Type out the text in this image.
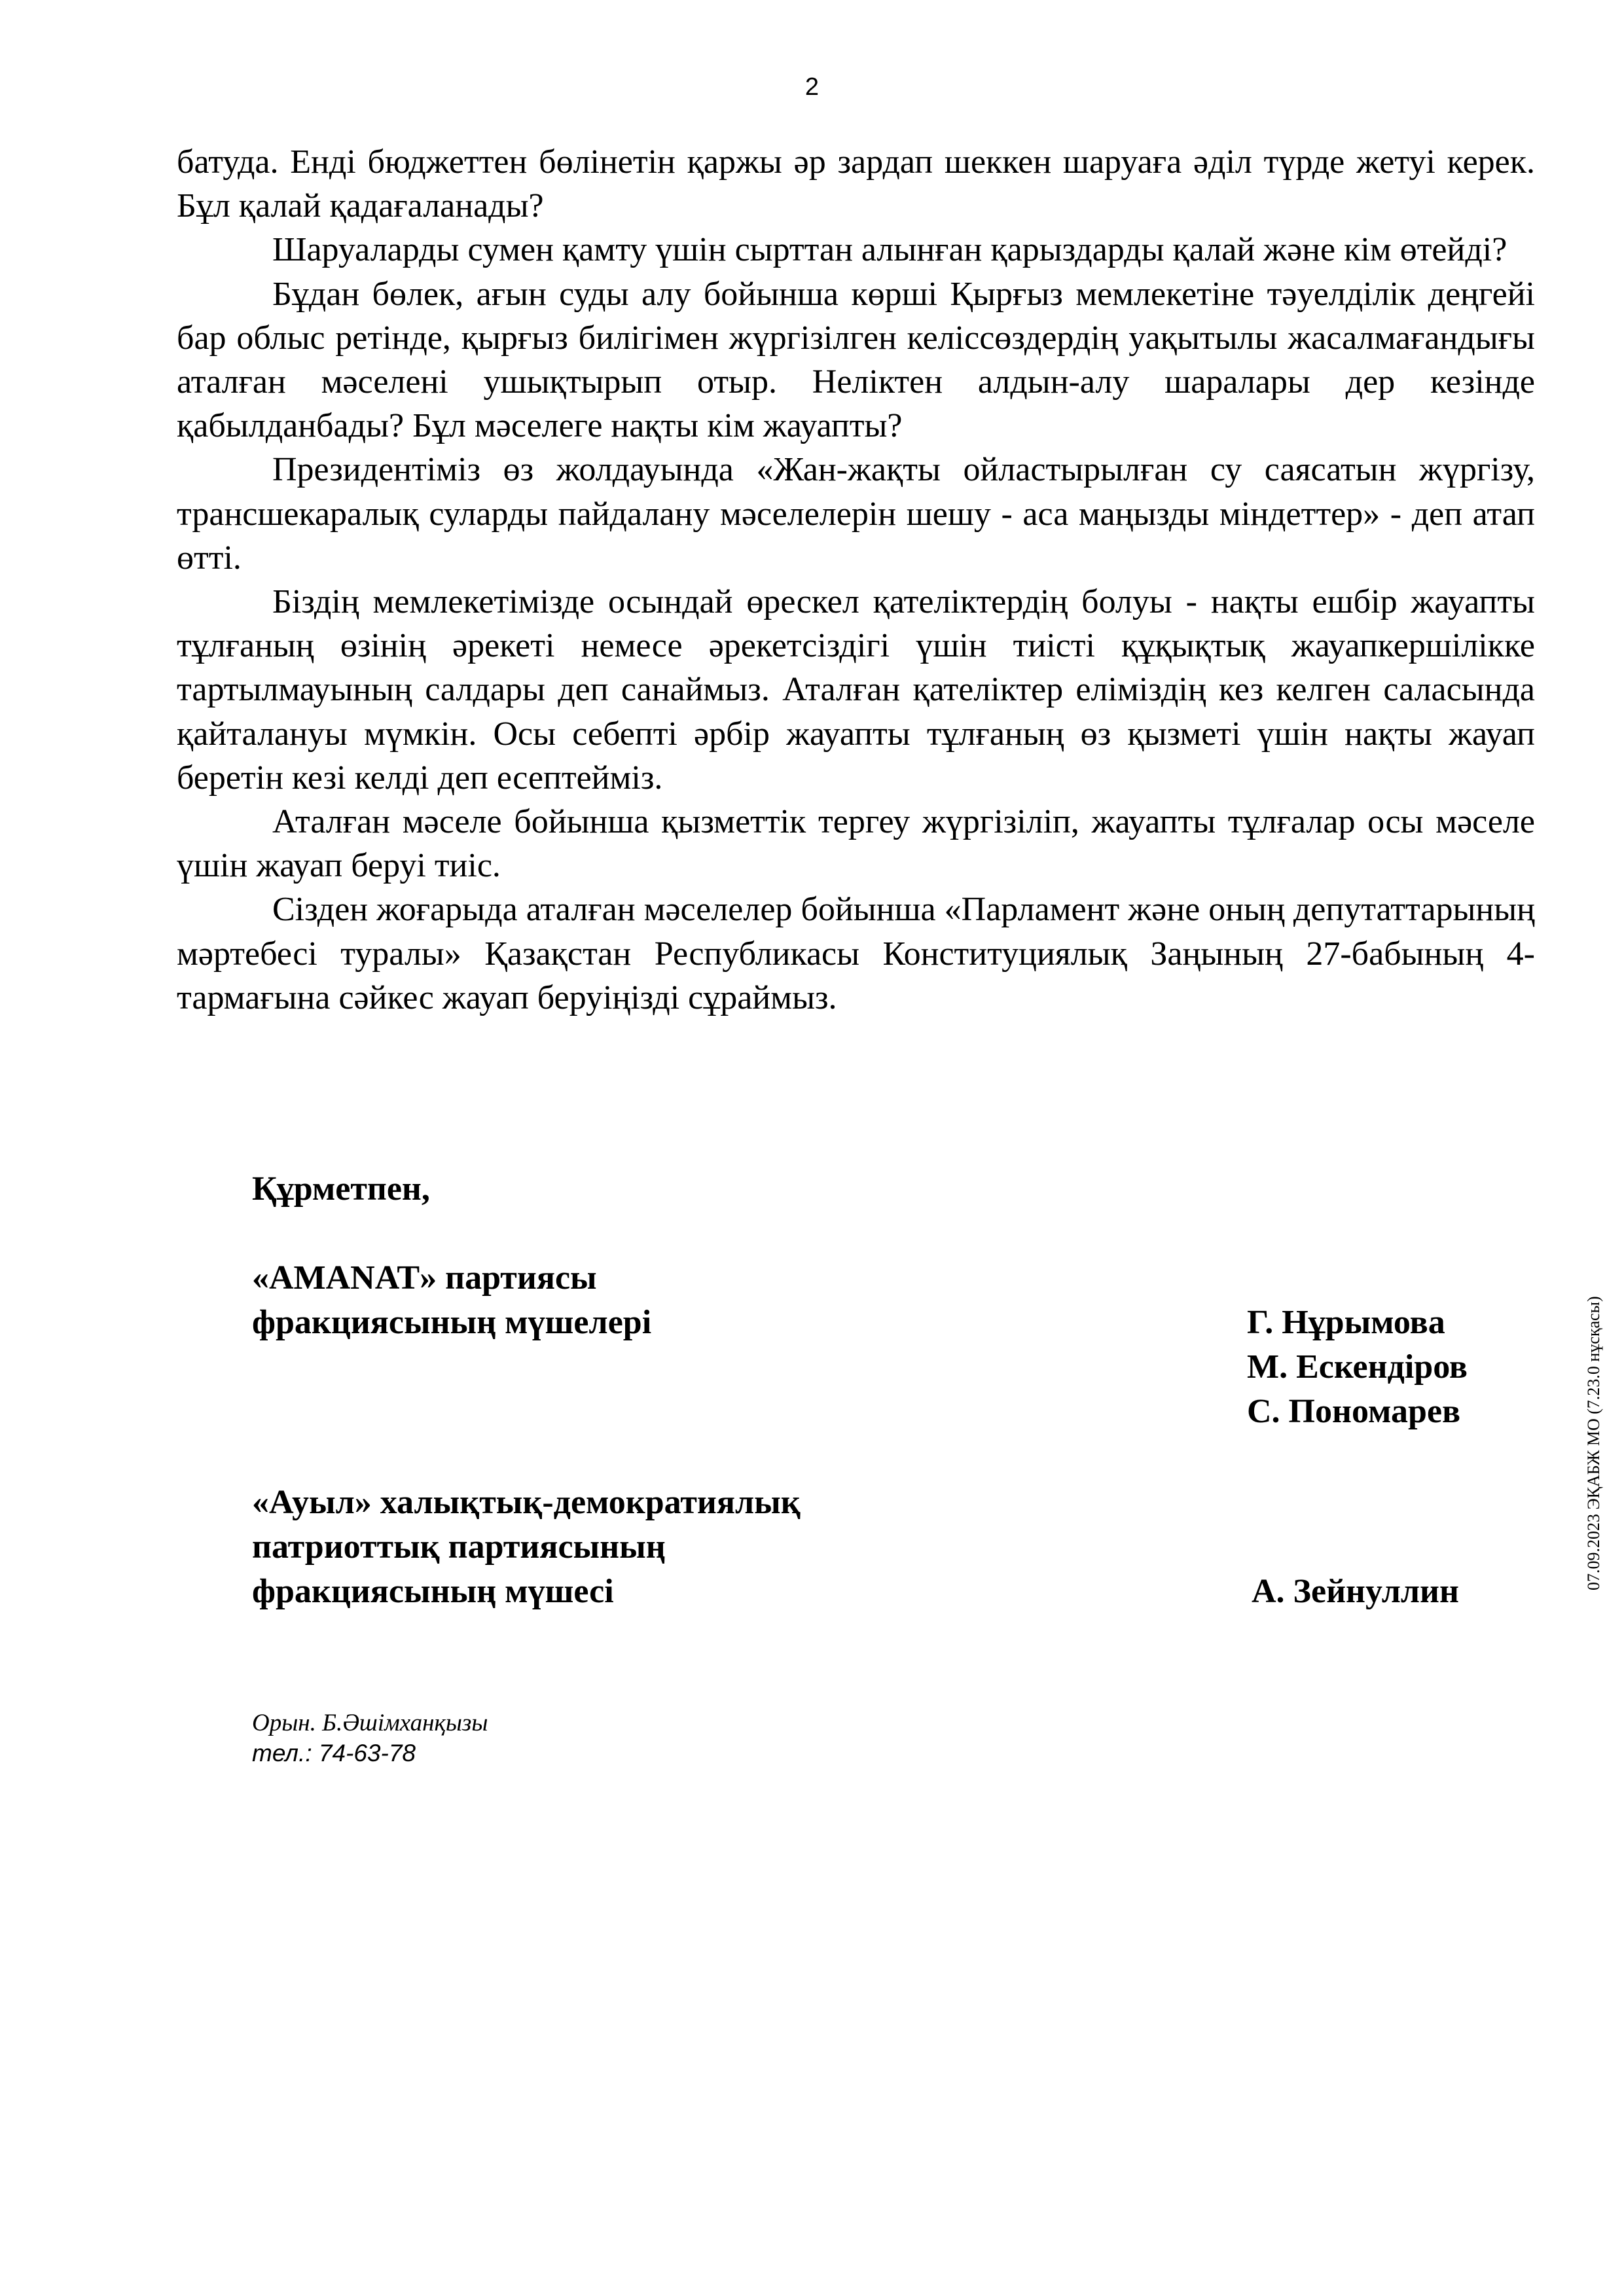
2

батуда. Енді бюджеттен бөлінетін қаржы әр зардап шеккен шаруаға әділ түрде жетуі керек. Бұл қалай қадағаланады?

Шаруаларды сумен қамту үшін сырттан алынған қарыздарды қалай және кім өтейді?

Бұдан бөлек, ағын суды алу бойынша көрші Қырғыз мемлекетіне тәуелділік деңгейі бар облыс ретінде, қырғыз билігімен жүргізілген келіссөздердің уақытылы жасалмағандығы аталған мәселені ушықтырып отыр. Неліктен алдын-алу шаралары дер кезінде қабылданбады? Бұл мәселеге нақты кім жауапты?

Президентіміз өз жолдауында «Жан-жақты ойластырылған су саясатын жүргізу, трансшекаралық суларды пайдалану мәселелерін шешу - аса маңызды міндеттер» - деп атап өтті.

Біздің мемлекетімізде осындай өрескел қателіктердің болуы - нақты ешбір жауапты тұлғаның өзінің әрекеті немесе әрекетсіздігі үшін тиісті құқықтық жауапкершілікке тартылмауының салдары деп санаймыз. Аталған қателіктер еліміздің кез келген саласында қайталануы мүмкін. Осы себепті әрбір жауапты тұлғаның өз қызметі үшін нақты жауап беретін кезі келді деп есептейміз.

Аталған мәселе бойынша қызметтік тергеу жүргізіліп, жауапты тұлғалар осы мәселе үшін жауап беруі тиіс.

Сізден жоғарыда аталған мәселелер бойынша «Парламент және оның депутаттарының мәртебесі туралы» Қазақстан Республикасы Конституциялық Заңының 27-бабының 4-тармағына сәйкес жауап беруіңізді сұраймыз.

Құрметпен,
«AMANAT» партиясы
фракциясының мүшелері	Г. Нұрымова
М. Ескендіров
С. Пономарев
«Ауыл» халықтық-демократиялық
патриоттық партиясының
фракциясының мүшесі	А. Зейнуллин
Орын. Б.Әшімханқызы
тел.: 74-63-78
07.09.2023 ЭҚАБЖ МО (7.23.0 нұсқасы)
